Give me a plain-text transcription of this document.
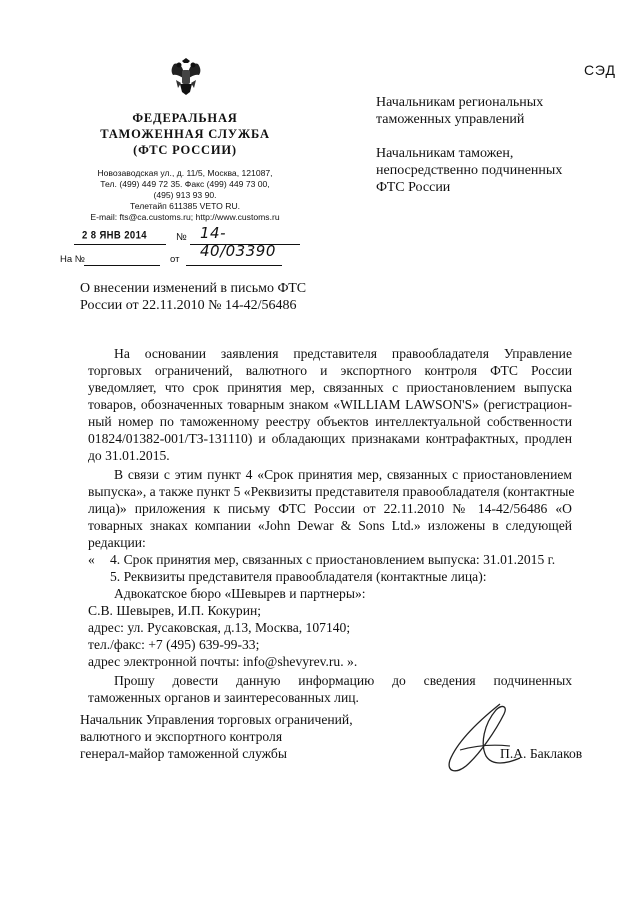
СЭД
ФЕДЕРАЛЬНАЯ
ТАМОЖЕННАЯ СЛУЖБА
(ФТС РОССИИ)
Новозаводская ул., д. 11/5, Москва, 121087,
Тел. (499) 449 72 35. Факс (499) 449 73 00,
(495) 913 93 90.
Телетайп 611385 VETO RU.
E-mail: fts@ca.customs.ru; http://www.customs.ru
2 8 ЯНВ 2014	№ 14-40/03390
На №	от
Начальникам региональных
таможенных управлений
Начальникам таможен,
непосредственно подчиненных
ФТС России
О внесении изменений в письмо ФТС
России от 22.11.2010 № 14-42/56486
На основании заявления представителя правообладателя Управление
торговых ограничений, валютного и экспортного контроля ФТС России
уведомляет, что срок принятия мер, связанных с приостановлением выпуска
товаров, обозначенных товарным знаком «WILLIAM LAWSON'S» (регистрацион-
ный номер по таможенному реестру объектов интеллектуальной собственности
01824/01382-001/ТЗ-131110) и обладающих признаками контрафактных, продлен
до 31.01.2015.
В связи с этим пункт 4 «Срок принятия мер, связанных с приостановлением
выпуска», а также пункт 5 «Реквизиты представителя правообладателя (контактные
лица)» приложения к письму ФТС России от 22.11.2010 № 14-42/56486 «О
товарных знаках компании «John Dewar & Sons Ltd.» изложены в следующей
редакции:
« 4. Срок принятия мер, связанных с приостановлением выпуска: 31.01.2015 г.
5. Реквизиты представителя правообладателя (контактные лица):
Адвокатское бюро «Шевырев и партнеры»:
С.В. Шевырев, И.П. Кокурин;
адрес: ул. Русаковская, д.13, Москва, 107140;
тел./факс: +7 (495) 639-99-33;
адрес электронной почты: info@shevyrev.ru. ».
Прошу довести данную информацию до сведения подчиненных
таможенных органов и заинтересованных лиц.
Начальник Управления торговых ограничений,
валютного и экспортного контроля
генерал-майор таможенной службы	П.А. Баклаков
